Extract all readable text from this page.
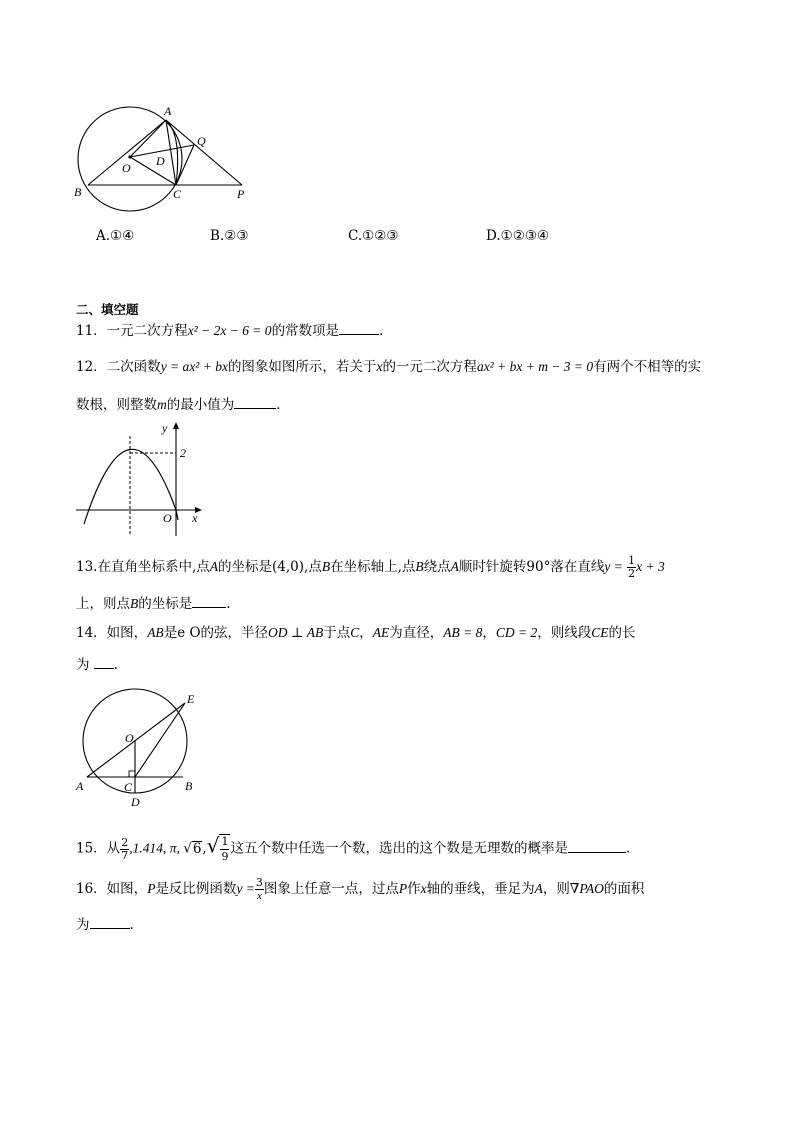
A
Q
O D
B	C	P
A.①④	B.②③	C.①②③	D.①②③④
二、填空题
11．一元二次方程x² − 2x − 6 = 0的常数项是	．
12．二次函数y = ax² + bx的图象如图所示，若关于x的一元二次方程ax² + bx + m − 3 = 0有两个不相等的实
数根，则整数m的最小值为	．
y
2
O x
13.在直角坐标系中,点A的坐标是(4,0),点B在坐标轴上,点B绕点A顺时针旋转90°落在直线$y = \frac{1}{2}$ x + 3
上，则点B的坐标是	.
14．如图，AB是e O的弦，半径OD ⊥ AB于点C，AE为直径，AB = 8，CD = 2，则线段CE的长
为 .
E
O
A	C	B
D
15．从 $\frac{2}{7} ,1.414$, π, $√6,√ \frac{1}{9}$ 这五个数中任选一个数，选出的这个数是无理数的概率是	．
16．如图，P是反比例函数$y = \frac{3}{x}$ 图象上任意一点，过点P作x轴的垂线，垂足为A，则∇PAO的面积
为	.
